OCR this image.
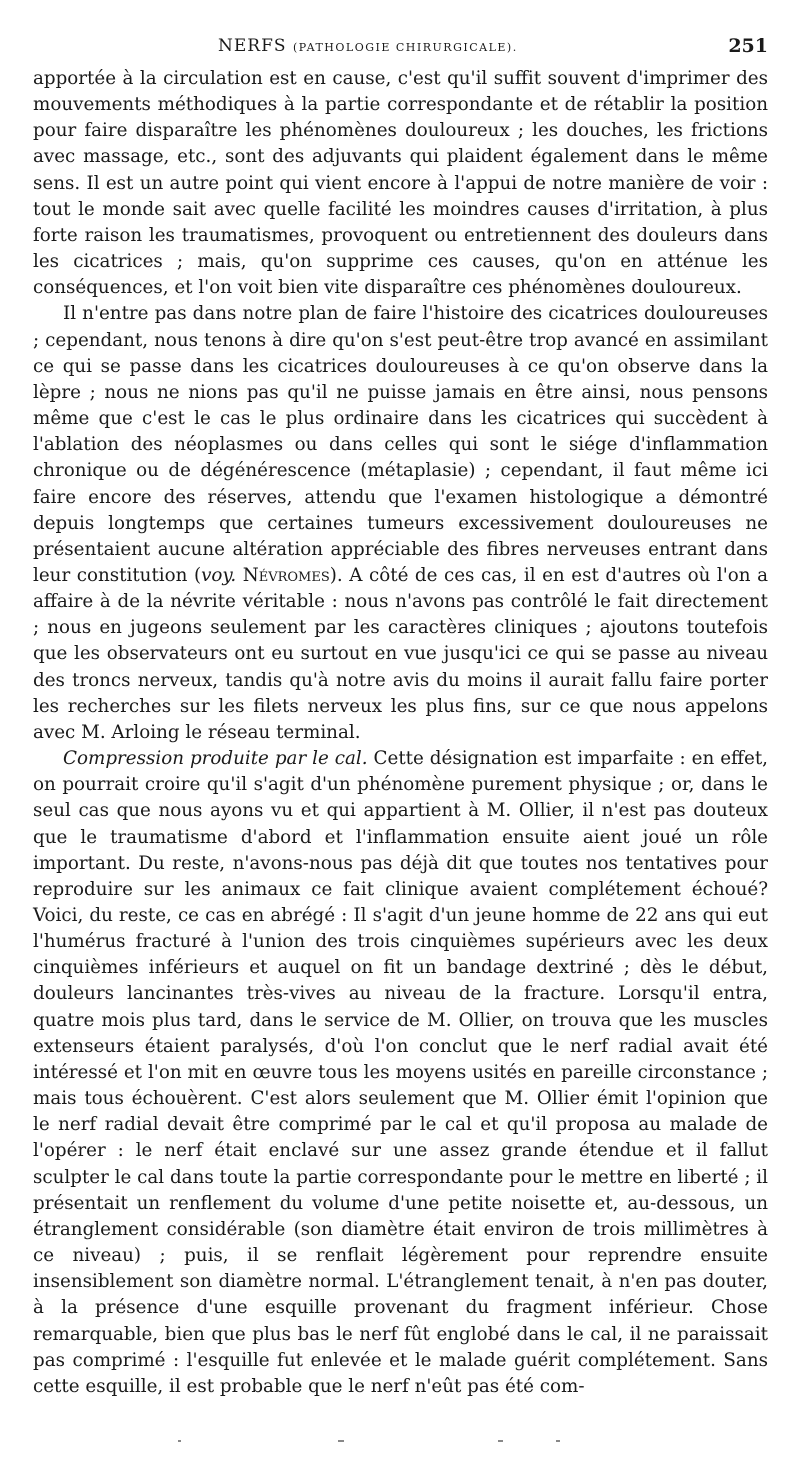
NERFS (PATHOLOGIE CHIRURGICALE).	251

apportée à la circulation est en cause, c'est qu'il suffit souvent d'imprimer des mouvements méthodiques à la partie correspondante et de rétablir la position pour faire disparaître les phénomènes douloureux ; les douches, les frictions avec massage, etc., sont des adjuvants qui plaident également dans le même sens. Il est un autre point qui vient encore à l'appui de notre manière de voir : tout le monde sait avec quelle facilité les moindres causes d'irritation, à plus forte raison les traumatismes, provoquent ou entretiennent des douleurs dans les cicatrices ; mais, qu'on supprime ces causes, qu'on en atténue les conséquences, et l'on voit bien vite disparaître ces phénomènes douloureux.

Il n'entre pas dans notre plan de faire l'histoire des cicatrices douloureuses ; cependant, nous tenons à dire qu'on s'est peut-être trop avancé en assimilant ce qui se passe dans les cicatrices douloureuses à ce qu'on observe dans la lèpre ; nous ne nions pas qu'il ne puisse jamais en être ainsi, nous pensons même que c'est le cas le plus ordinaire dans les cicatrices qui succèdent à l'ablation des néoplasmes ou dans celles qui sont le siége d'inflammation chronique ou de dégénérescence (métaplasie) ; cependant, il faut même ici faire encore des réserves, attendu que l'examen histologique a démontré depuis longtemps que certaines tumeurs excessivement douloureuses ne présentaient aucune altération appréciable des fibres nerveuses entrant dans leur constitution (voy. Névromes). A côté de ces cas, il en est d'autres où l'on a affaire à de la névrite véritable : nous n'avons pas contrôlé le fait directement ; nous en jugeons seulement par les caractères cliniques ; ajoutons toutefois que les observateurs ont eu surtout en vue jusqu'ici ce qui se passe au niveau des troncs nerveux, tandis qu'à notre avis du moins il aurait fallu faire porter les recherches sur les filets nerveux les plus fins, sur ce que nous appelons avec M. Arloing le réseau terminal.

Compression produite par le cal. Cette désignation est imparfaite : en effet, on pourrait croire qu'il s'agit d'un phénomène purement physique ; or, dans le seul cas que nous ayons vu et qui appartient à M. Ollier, il n'est pas douteux que le traumatisme d'abord et l'inflammation ensuite aient joué un rôle important. Du reste, n'avons-nous pas déjà dit que toutes nos tentatives pour reproduire sur les animaux ce fait clinique avaient complétement échoué? Voici, du reste, ce cas en abrégé : Il s'agit d'un jeune homme de 22 ans qui eut l'humérus fracturé à l'union des trois cinquièmes supérieurs avec les deux cinquièmes inférieurs et auquel on fit un bandage dextriné ; dès le début, douleurs lancinantes très-vives au niveau de la fracture. Lorsqu'il entra, quatre mois plus tard, dans le service de M. Ollier, on trouva que les muscles extenseurs étaient paralysés, d'où l'on conclut que le nerf radial avait été intéressé et l'on mit en œuvre tous les moyens usités en pareille circonstance ; mais tous échouèrent. C'est alors seulement que M. Ollier émit l'opinion que le nerf radial devait être comprimé par le cal et qu'il proposa au malade de l'opérer : le nerf était enclavé sur une assez grande étendue et il fallut sculpter le cal dans toute la partie correspondante pour le mettre en liberté ; il présentait un renflement du volume d'une petite noisette et, au-dessous, un étranglement considérable (son diamètre était environ de trois millimètres à ce niveau) ; puis, il se renflait légèrement pour reprendre ensuite insensiblement son diamètre normal. L'étranglement tenait, à n'en pas douter, à la présence d'une esquille provenant du fragment inférieur. Chose remarquable, bien que plus bas le nerf fût englobé dans le cal, il ne paraissait pas comprimé : l'esquille fut enlevée et le malade guérit complétement. Sans cette esquille, il est probable que le nerf n'eût pas été com-
